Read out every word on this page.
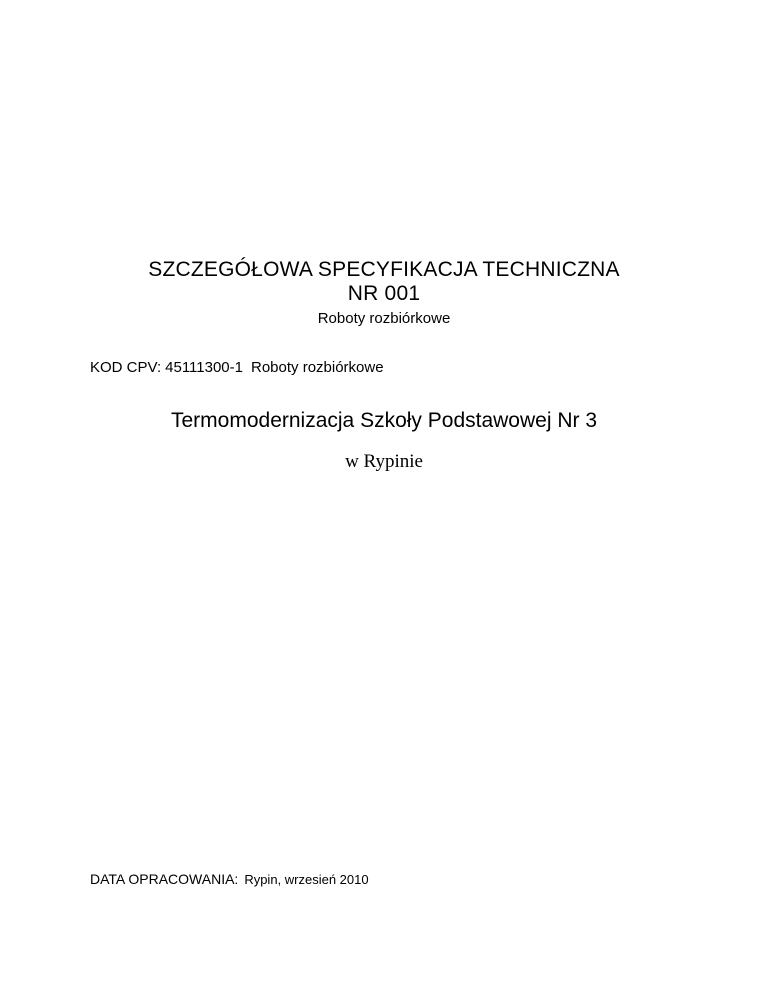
SZCZEGÓŁOWA SPECYFIKACJA TECHNICZNA
NR 001
Roboty rozbiórkowe
KOD CPV: 45111300-1 Roboty rozbiórkowe
Termomodernizacja Szkoły Podstawowej Nr 3
w Rypinie
DATA OPRACOWANIA: Rypin, wrzesień 2010
